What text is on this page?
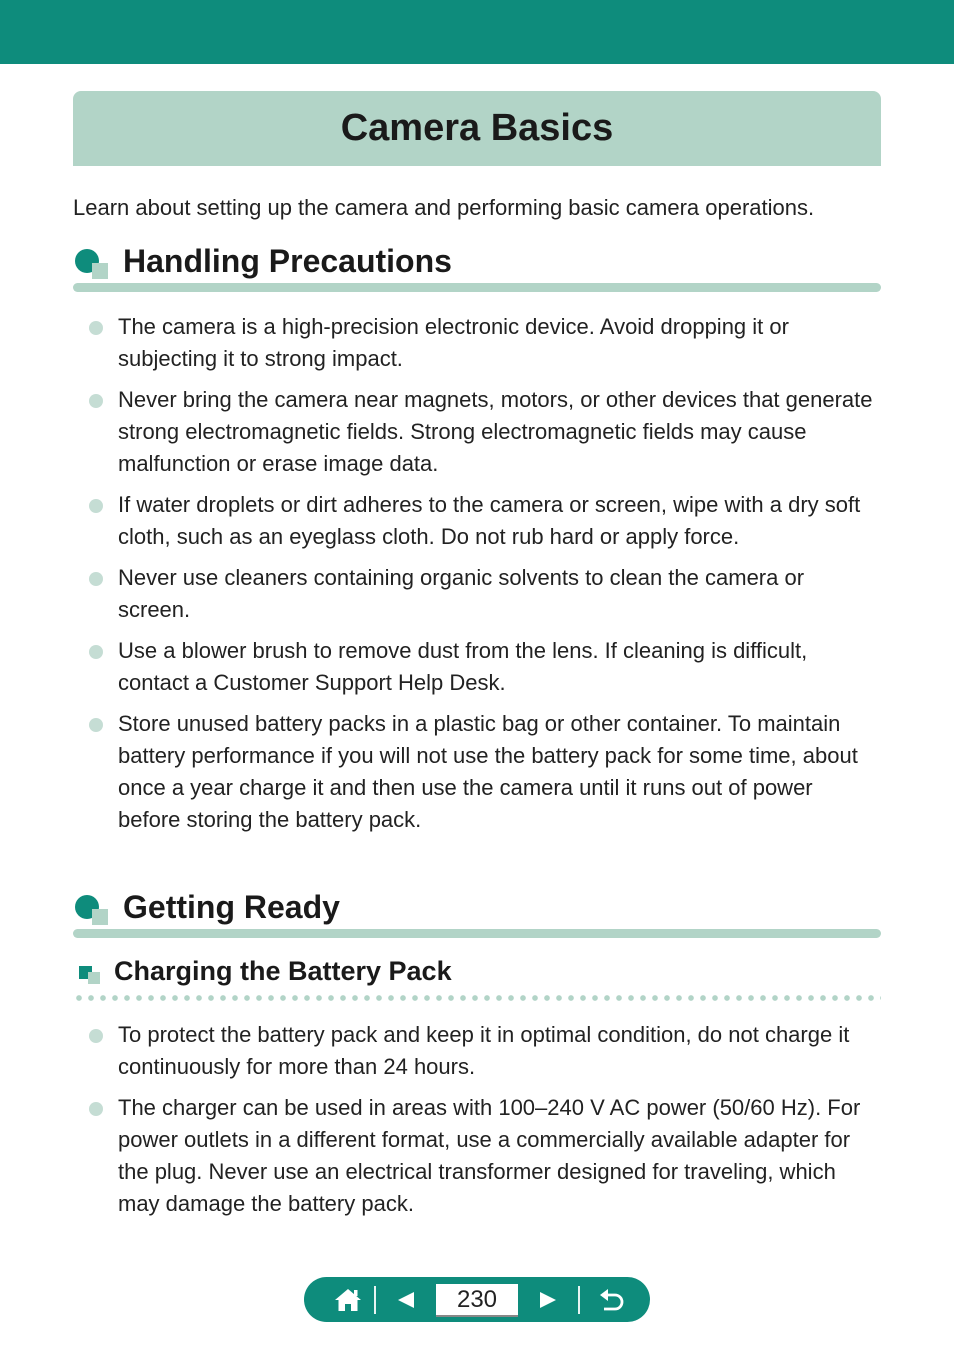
Camera Basics
Learn about setting up the camera and performing basic camera operations.
Handling Precautions
The camera is a high-precision electronic device. Avoid dropping it or subjecting it to strong impact.
Never bring the camera near magnets, motors, or other devices that generate strong electromagnetic fields. Strong electromagnetic fields may cause malfunction or erase image data.
If water droplets or dirt adheres to the camera or screen, wipe with a dry soft cloth, such as an eyeglass cloth. Do not rub hard or apply force.
Never use cleaners containing organic solvents to clean the camera or screen.
Use a blower brush to remove dust from the lens. If cleaning is difficult, contact a Customer Support Help Desk.
Store unused battery packs in a plastic bag or other container. To maintain battery performance if you will not use the battery pack for some time, about once a year charge it and then use the camera until it runs out of power before storing the battery pack.
Getting Ready
Charging the Battery Pack
To protect the battery pack and keep it in optimal condition, do not charge it continuously for more than 24 hours.
The charger can be used in areas with 100–240 V AC power (50/60 Hz). For power outlets in a different format, use a commercially available adapter for the plug. Never use an electrical transformer designed for traveling, which may damage the battery pack.
230
